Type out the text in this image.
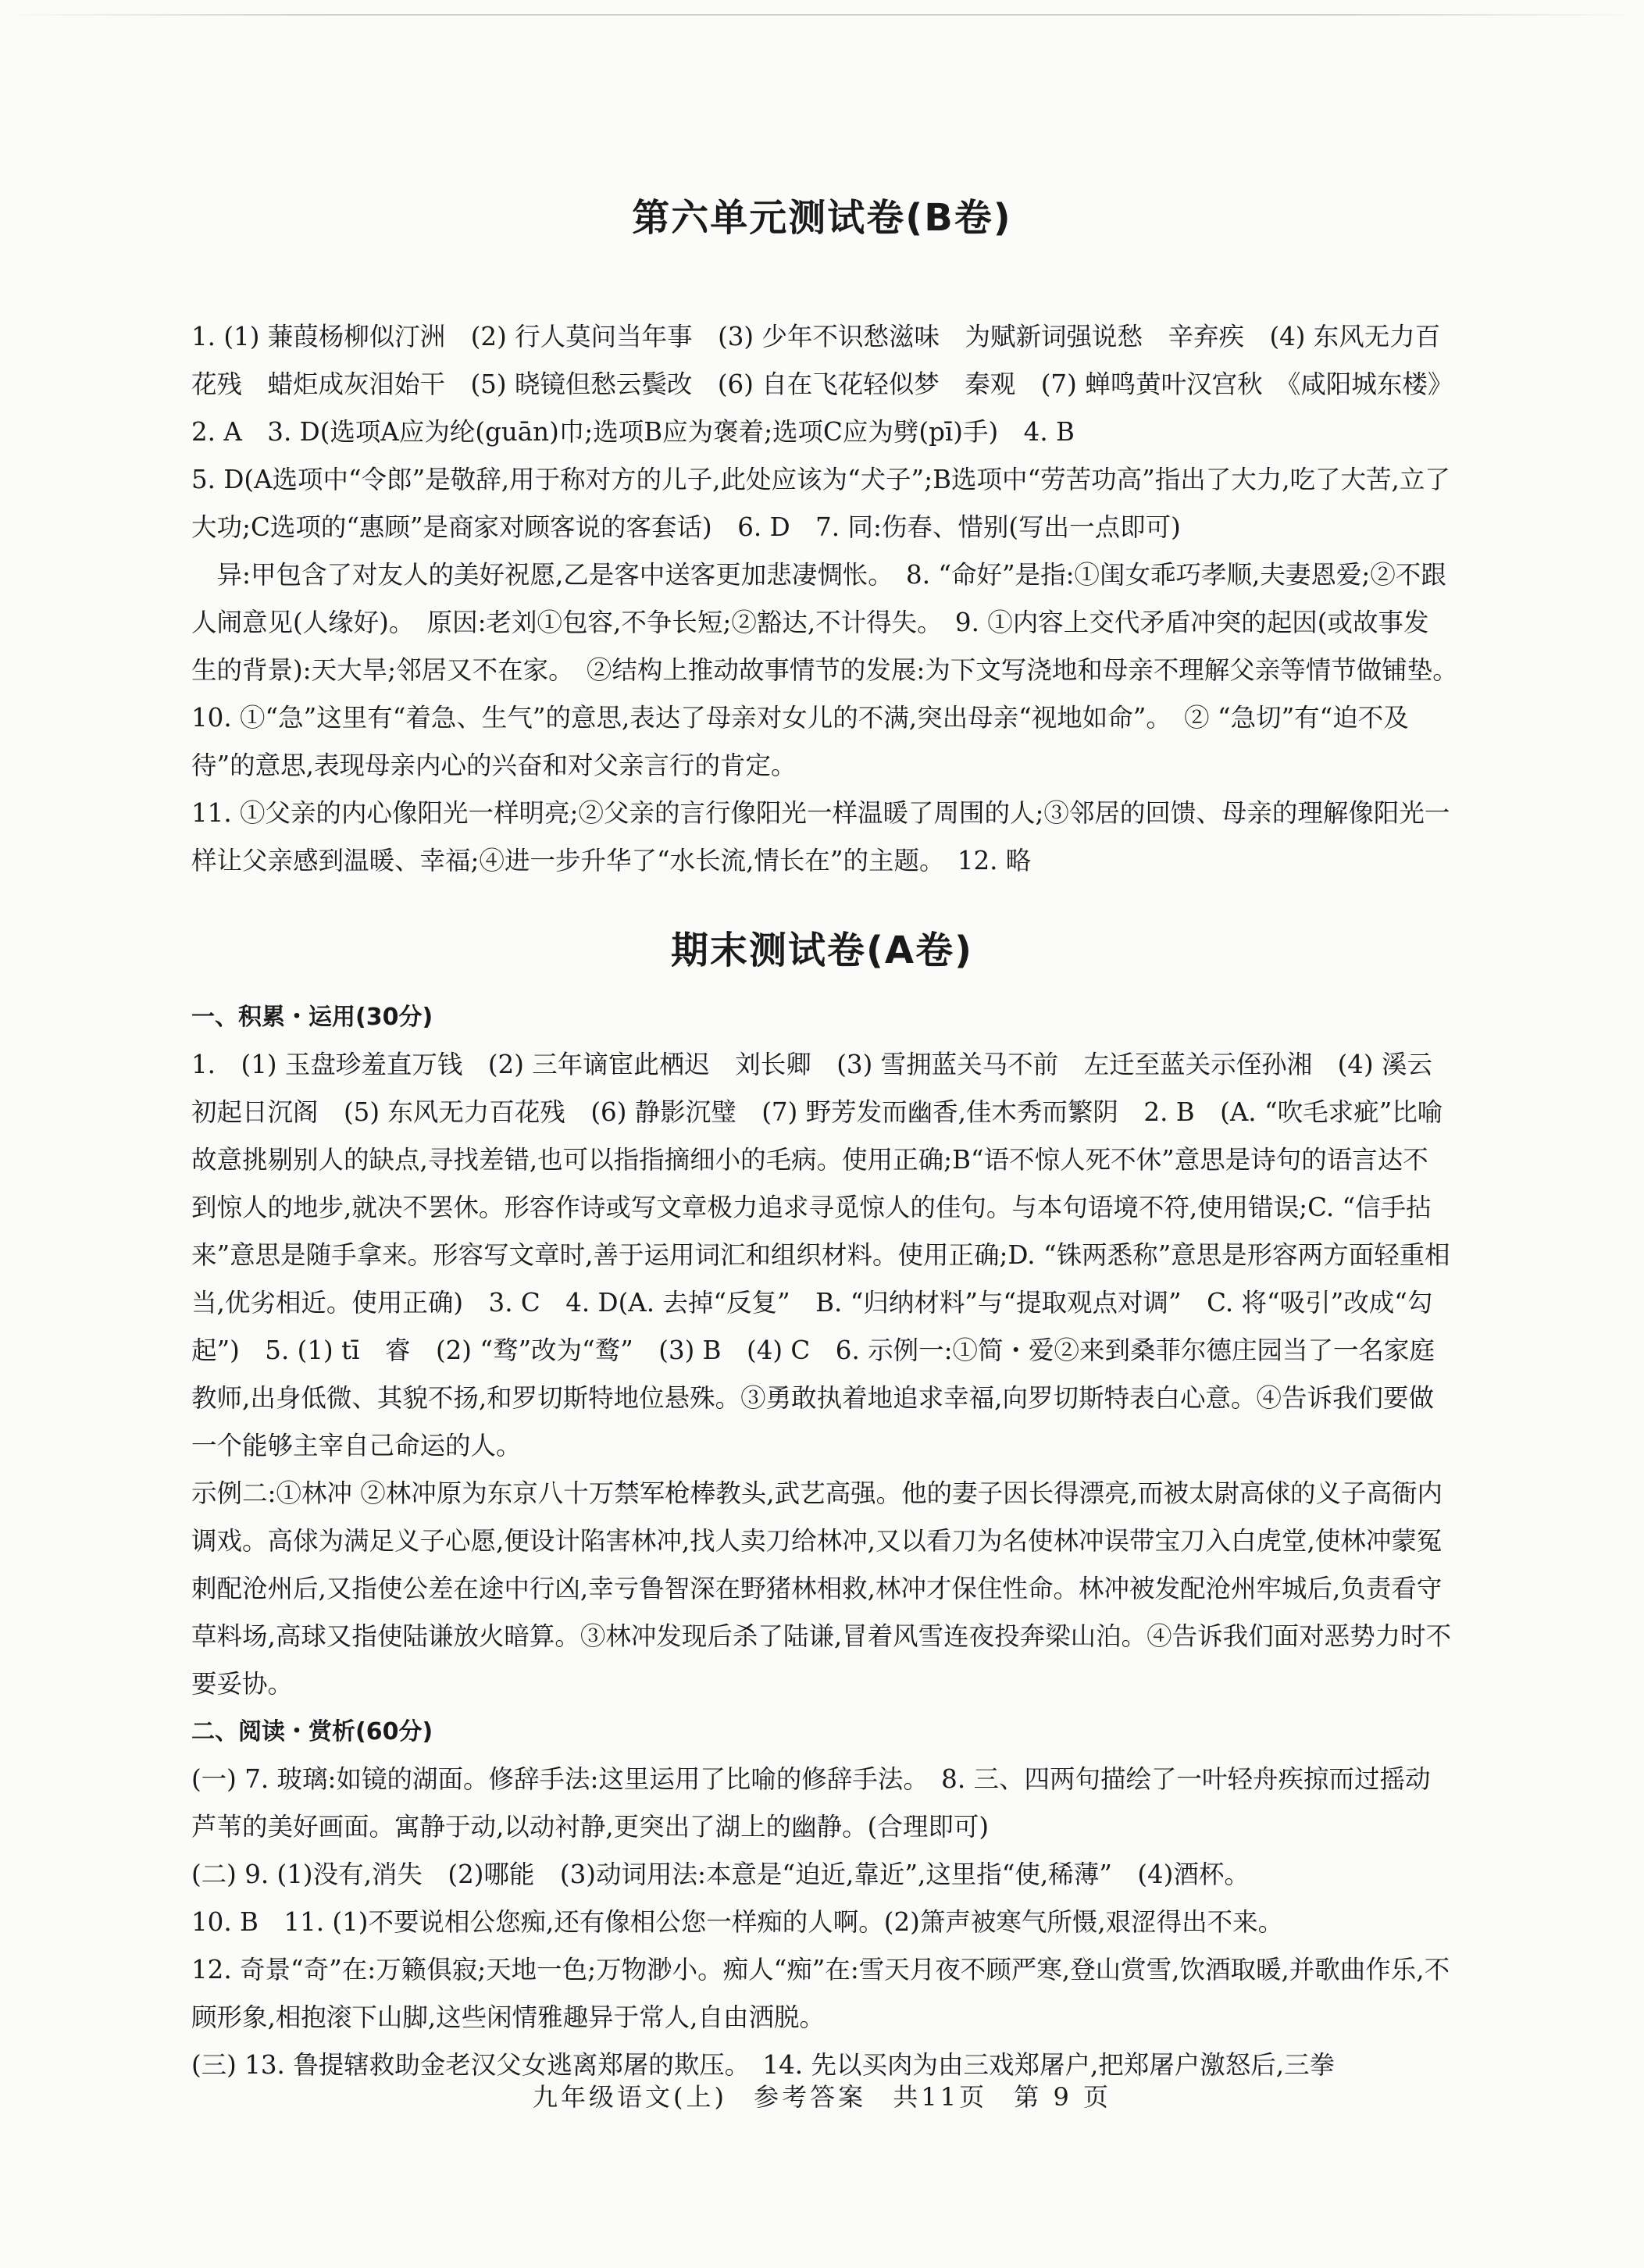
第六单元测试卷(B卷)

1. (1) 蒹葭杨柳似汀洲　(2) 行人莫问当年事　(3) 少年不识愁滋味　为赋新词强说愁　辛弃疾　(4) 东风无力百花残　蜡炬成灰泪始干　(5) 晓镜但愁云鬓改　(6) 自在飞花轻似梦　秦观　(7) 蝉鸣黄叶汉宫秋　《咸阳城东楼》　2. A　3. D(选项A应为纶(guān)巾;选项B应为褒着;选项C应为劈(pī)手)　4. B

5. D(A选项中“令郎”是敬辞,用于称对方的儿子,此处应该为“犬子”;B选项中“劳苦功高”指出了大力,吃了大苦,立了大功;C选项的“惠顾”是商家对顾客说的客套话)　6. D　7. 同:伤春、惜别(写出一点即可)

异:甲包含了对友人的美好祝愿,乙是客中送客更加悲凄惆怅。　8. “命好”是指:①闺女乖巧孝顺,夫妻恩爱;②不跟人闹意见(人缘好)。　原因:老刘①包容,不争长短;②豁达,不计得失。　9. ①内容上交代矛盾冲突的起因(或故事发生的背景):天大旱;邻居又不在家。　②结构上推动故事情节的发展:为下文写浇地和母亲不理解父亲等情节做铺垫。　10. ①“急”这里有“着急、生气”的意思,表达了母亲对女儿的不满,突出母亲“视地如命”。　② “急切”有“迫不及待”的意思,表现母亲内心的兴奋和对父亲言行的肯定。

11. ①父亲的内心像阳光一样明亮;②父亲的言行像阳光一样温暖了周围的人;③邻居的回馈、母亲的理解像阳光一样让父亲感到温暖、幸福;④进一步升华了“水长流,情长在”的主题。　12. 略

期末测试卷(A卷)

一、积累・运用(30分)

1.　(1) 玉盘珍羞直万钱　(2) 三年谪宦此栖迟　刘长卿　(3) 雪拥蓝关马不前　左迁至蓝关示侄孙湘　(4) 溪云初起日沉阁　(5) 东风无力百花残　(6) 静影沉璧　(7) 野芳发而幽香,佳木秀而繁阴　2. B　(A. “吹毛求疵”比喻故意挑剔别人的缺点,寻找差错,也可以指指摘细小的毛病。使用正确;B“语不惊人死不休”意思是诗句的语言达不到惊人的地步,就决不罢休。形容作诗或写文章极力追求寻觅惊人的佳句。与本句语境不符,使用错误;C. “信手拈来”意思是随手拿来。形容写文章时,善于运用词汇和组织材料。使用正确;D. “铢两悉称”意思是形容两方面轻重相当,优劣相近。使用正确)　3. C　4. D(A. 去掉“反复”　B. “归纳材料”与“提取观点对调”　C. 将“吸引”改成“勾起”)　5. (1) tī　睿　(2) “骛”改为“鹜”　(3) B　(4) C　6. 示例一:①简・爱②来到桑菲尔德庄园当了一名家庭教师,出身低微、其貌不扬,和罗切斯特地位悬殊。③勇敢执着地追求幸福,向罗切斯特表白心意。④告诉我们要做一个能够主宰自己命运的人。

示例二:①林冲 ②林冲原为东京八十万禁军枪棒教头,武艺高强。他的妻子因长得漂亮,而被太尉高俅的义子高衙内调戏。高俅为满足义子心愿,便设计陷害林冲,找人卖刀给林冲,又以看刀为名使林冲误带宝刀入白虎堂,使林冲蒙冤刺配沧州后,又指使公差在途中行凶,幸亏鲁智深在野猪林相救,林冲才保住性命。林冲被发配沧州牢城后,负责看守草料场,高球又指使陆谦放火暗算。③林冲发现后杀了陆谦,冒着风雪连夜投奔梁山泊。④告诉我们面对恶势力时不要妥协。

二、阅读・赏析(60分)

(一) 7. 玻璃:如镜的湖面。修辞手法:这里运用了比喻的修辞手法。　8. 三、四两句描绘了一叶轻舟疾掠而过摇动芦苇的美好画面。寓静于动,以动衬静,更突出了湖上的幽静。(合理即可)

(二) 9. (1)没有,消失　(2)哪能　(3)动词用法:本意是“迫近,靠近”,这里指“使,稀薄”　(4)酒杯。

10. B　11. (1)不要说相公您痴,还有像相公您一样痴的人啊。(2)箫声被寒气所慑,艰涩得出不来。

12. 奇景“奇”在:万籁俱寂;天地一色;万物渺小。痴人“痴”在:雪天月夜不顾严寒,登山赏雪,饮酒取暖,并歌曲作乐,不顾形象,相抱滚下山脚,这些闲情雅趣异于常人,自由洒脱。

(三) 13. 鲁提辖救助金老汉父女逃离郑屠的欺压。　14. 先以买肉为由三戏郑屠户,把郑屠户激怒后,三拳

九年级语文(上) 参考答案 共11页 第 9 页
